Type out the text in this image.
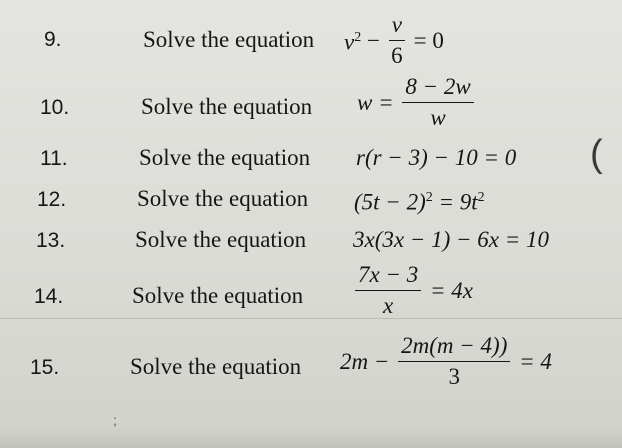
9.	Solve the equation $v^2 - \frac{v}{6} = 0$
10.	Solve the equation $w = \frac{8 - 2w}{w}$
11.	Solve the equation r(r − 3) − 10 = 0
12.	Solve the equation $(5t - 2)^2 = 9t^2$
13.	Solve the equation 3x(3x − 1) − 6x = 10
14.	Solve the equation $\frac{7x - 3}{x} = 4x$
15.	Solve the equation $2m - \frac{2m(m - 4))}{3} = 4$
(
;
